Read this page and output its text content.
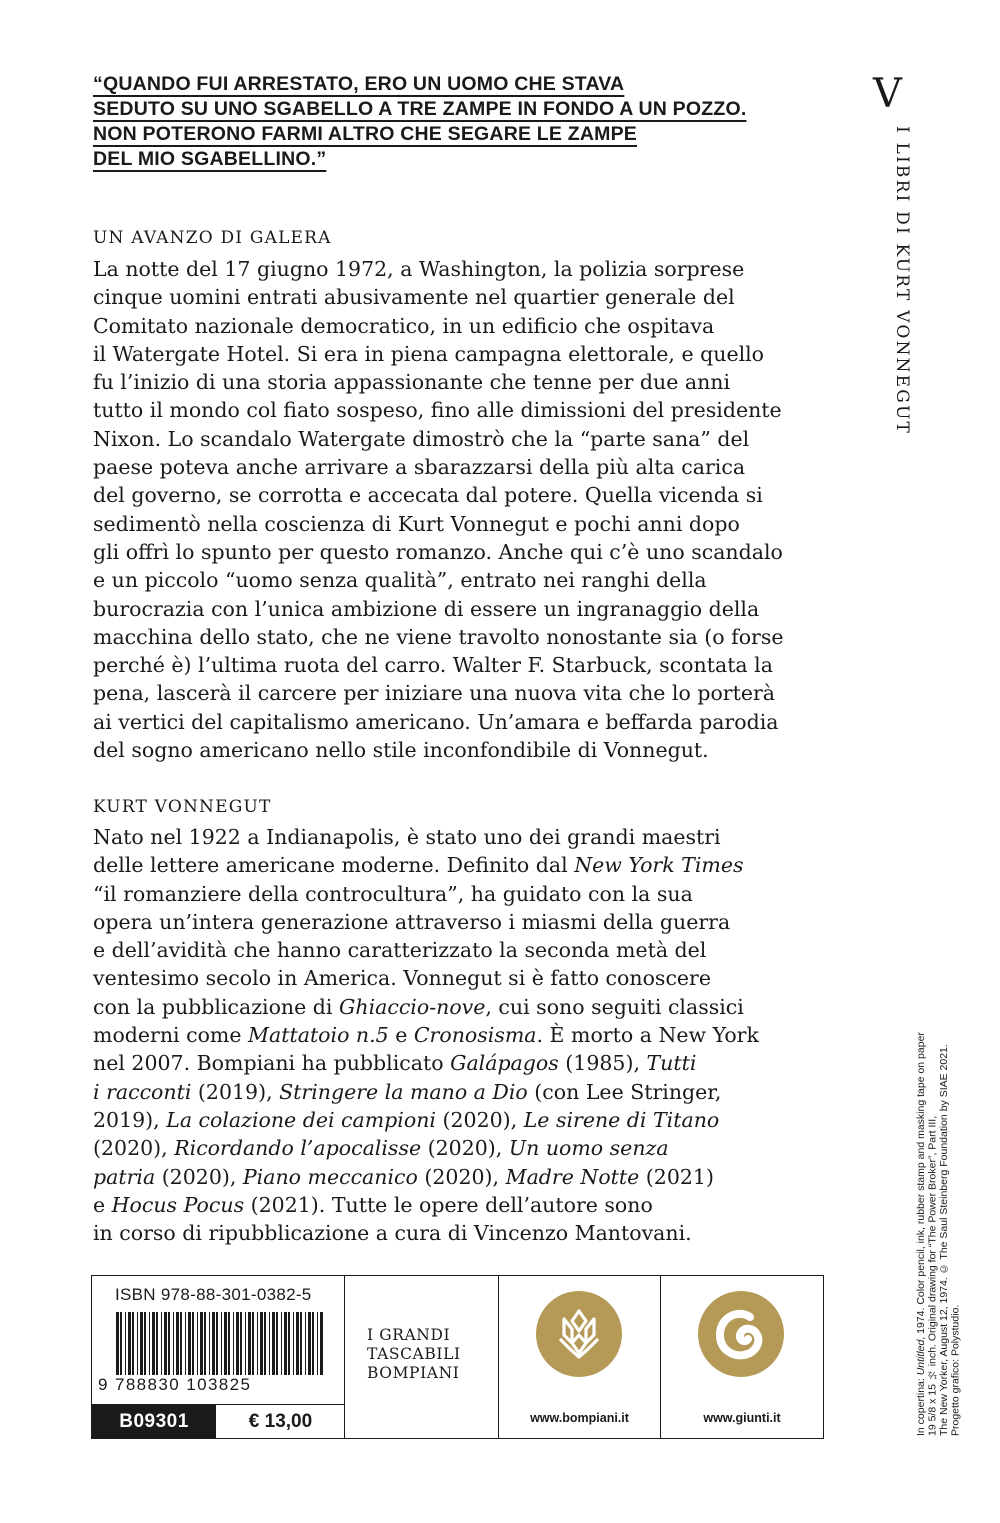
“QUANDO FUI ARRESTATO, ERO UN UOMO CHE STAVA
SEDUTO SU UNO SGABELLO A TRE ZAMPE IN FONDO A UN POZZO.
NON POTERONO FARMI ALTRO CHE SEGARE LE ZAMPE
DEL MIO SGABELLINO.”
V
I LIBRI DI KURT VONNEGUT
UN AVANZO DI GALERA
La notte del 17 giugno 1972, a Washington, la polizia sorprese
cinque uomini entrati abusivamente nel quartier generale del
Comitato nazionale democratico, in un edificio che ospitava
il Watergate Hotel. Si era in piena campagna elettorale, e quello
fu l’inizio di una storia appassionante che tenne per due anni
tutto il mondo col fiato sospeso, fino alle dimissioni del presidente
Nixon. Lo scandalo Watergate dimostrò che la “parte sana” del
paese poteva anche arrivare a sbarazzarsi della più alta carica
del governo, se corrotta e accecata dal potere. Quella vicenda si
sedimentò nella coscienza di Kurt Vonnegut e pochi anni dopo
gli offrì lo spunto per questo romanzo. Anche qui c’è uno scandalo
e un piccolo “uomo senza qualità”, entrato nei ranghi della
burocrazia con l’unica ambizione di essere un ingranaggio della
macchina dello stato, che ne viene travolto nonostante sia (o forse
perché è) l’ultima ruota del carro. Walter F. Starbuck, scontata la
pena, lascerà il carcere per iniziare una nuova vita che lo porterà
ai vertici del capitalismo americano. Un’amara e beffarda parodia
del sogno americano nello stile inconfondibile di Vonnegut.
KURT VONNEGUT
Nato nel 1922 a Indianapolis, è stato uno dei grandi maestri
delle lettere americane moderne. Definito dal New York Times
“il romanziere della controcultura”, ha guidato con la sua
opera un’intera generazione attraverso i miasmi della guerra
e dell’avidità che hanno caratterizzato la seconda metà del
ventesimo secolo in America. Vonnegut si è fatto conoscere
con la pubblicazione di Ghiaccio-nove, cui sono seguiti classici
moderni come Mattatoio n.5 e Cronosisma. È morto a New York
nel 2007. Bompiani ha pubblicato Galápagos (1985), Tutti
i racconti (2019), Stringere la mano a Dio (con Lee Stringer,
2019), La colazione dei campioni (2020), Le sirene di Titano
(2020), Ricordando l’apocalisse (2020), Un uomo senza
patria (2020), Piano meccanico (2020), Madre Notte (2021)
e Hocus Pocus (2021). Tutte le opere dell’autore sono
in corso di ripubblicazione a cura di Vincenzo Mantovani.
In copertina: Untitled, 1974. Color pencil, ink, rubber stamp and masking tape on paper 19 5/8 x 15 ½ inch. Original drawing for “The Power Broker”, Part III, The New Yorker, August 12, 1974. © The Saul Steinberg Foundation by SIAE 2021. Progetto grafico: Polystudio.
ISBN 978-88-301-0382-5
9 788830 103825
B09301	€ 13,00
I GRANDI
TASCABILI
BOMPIANI
www.bompiani.it	www.giunti.it
